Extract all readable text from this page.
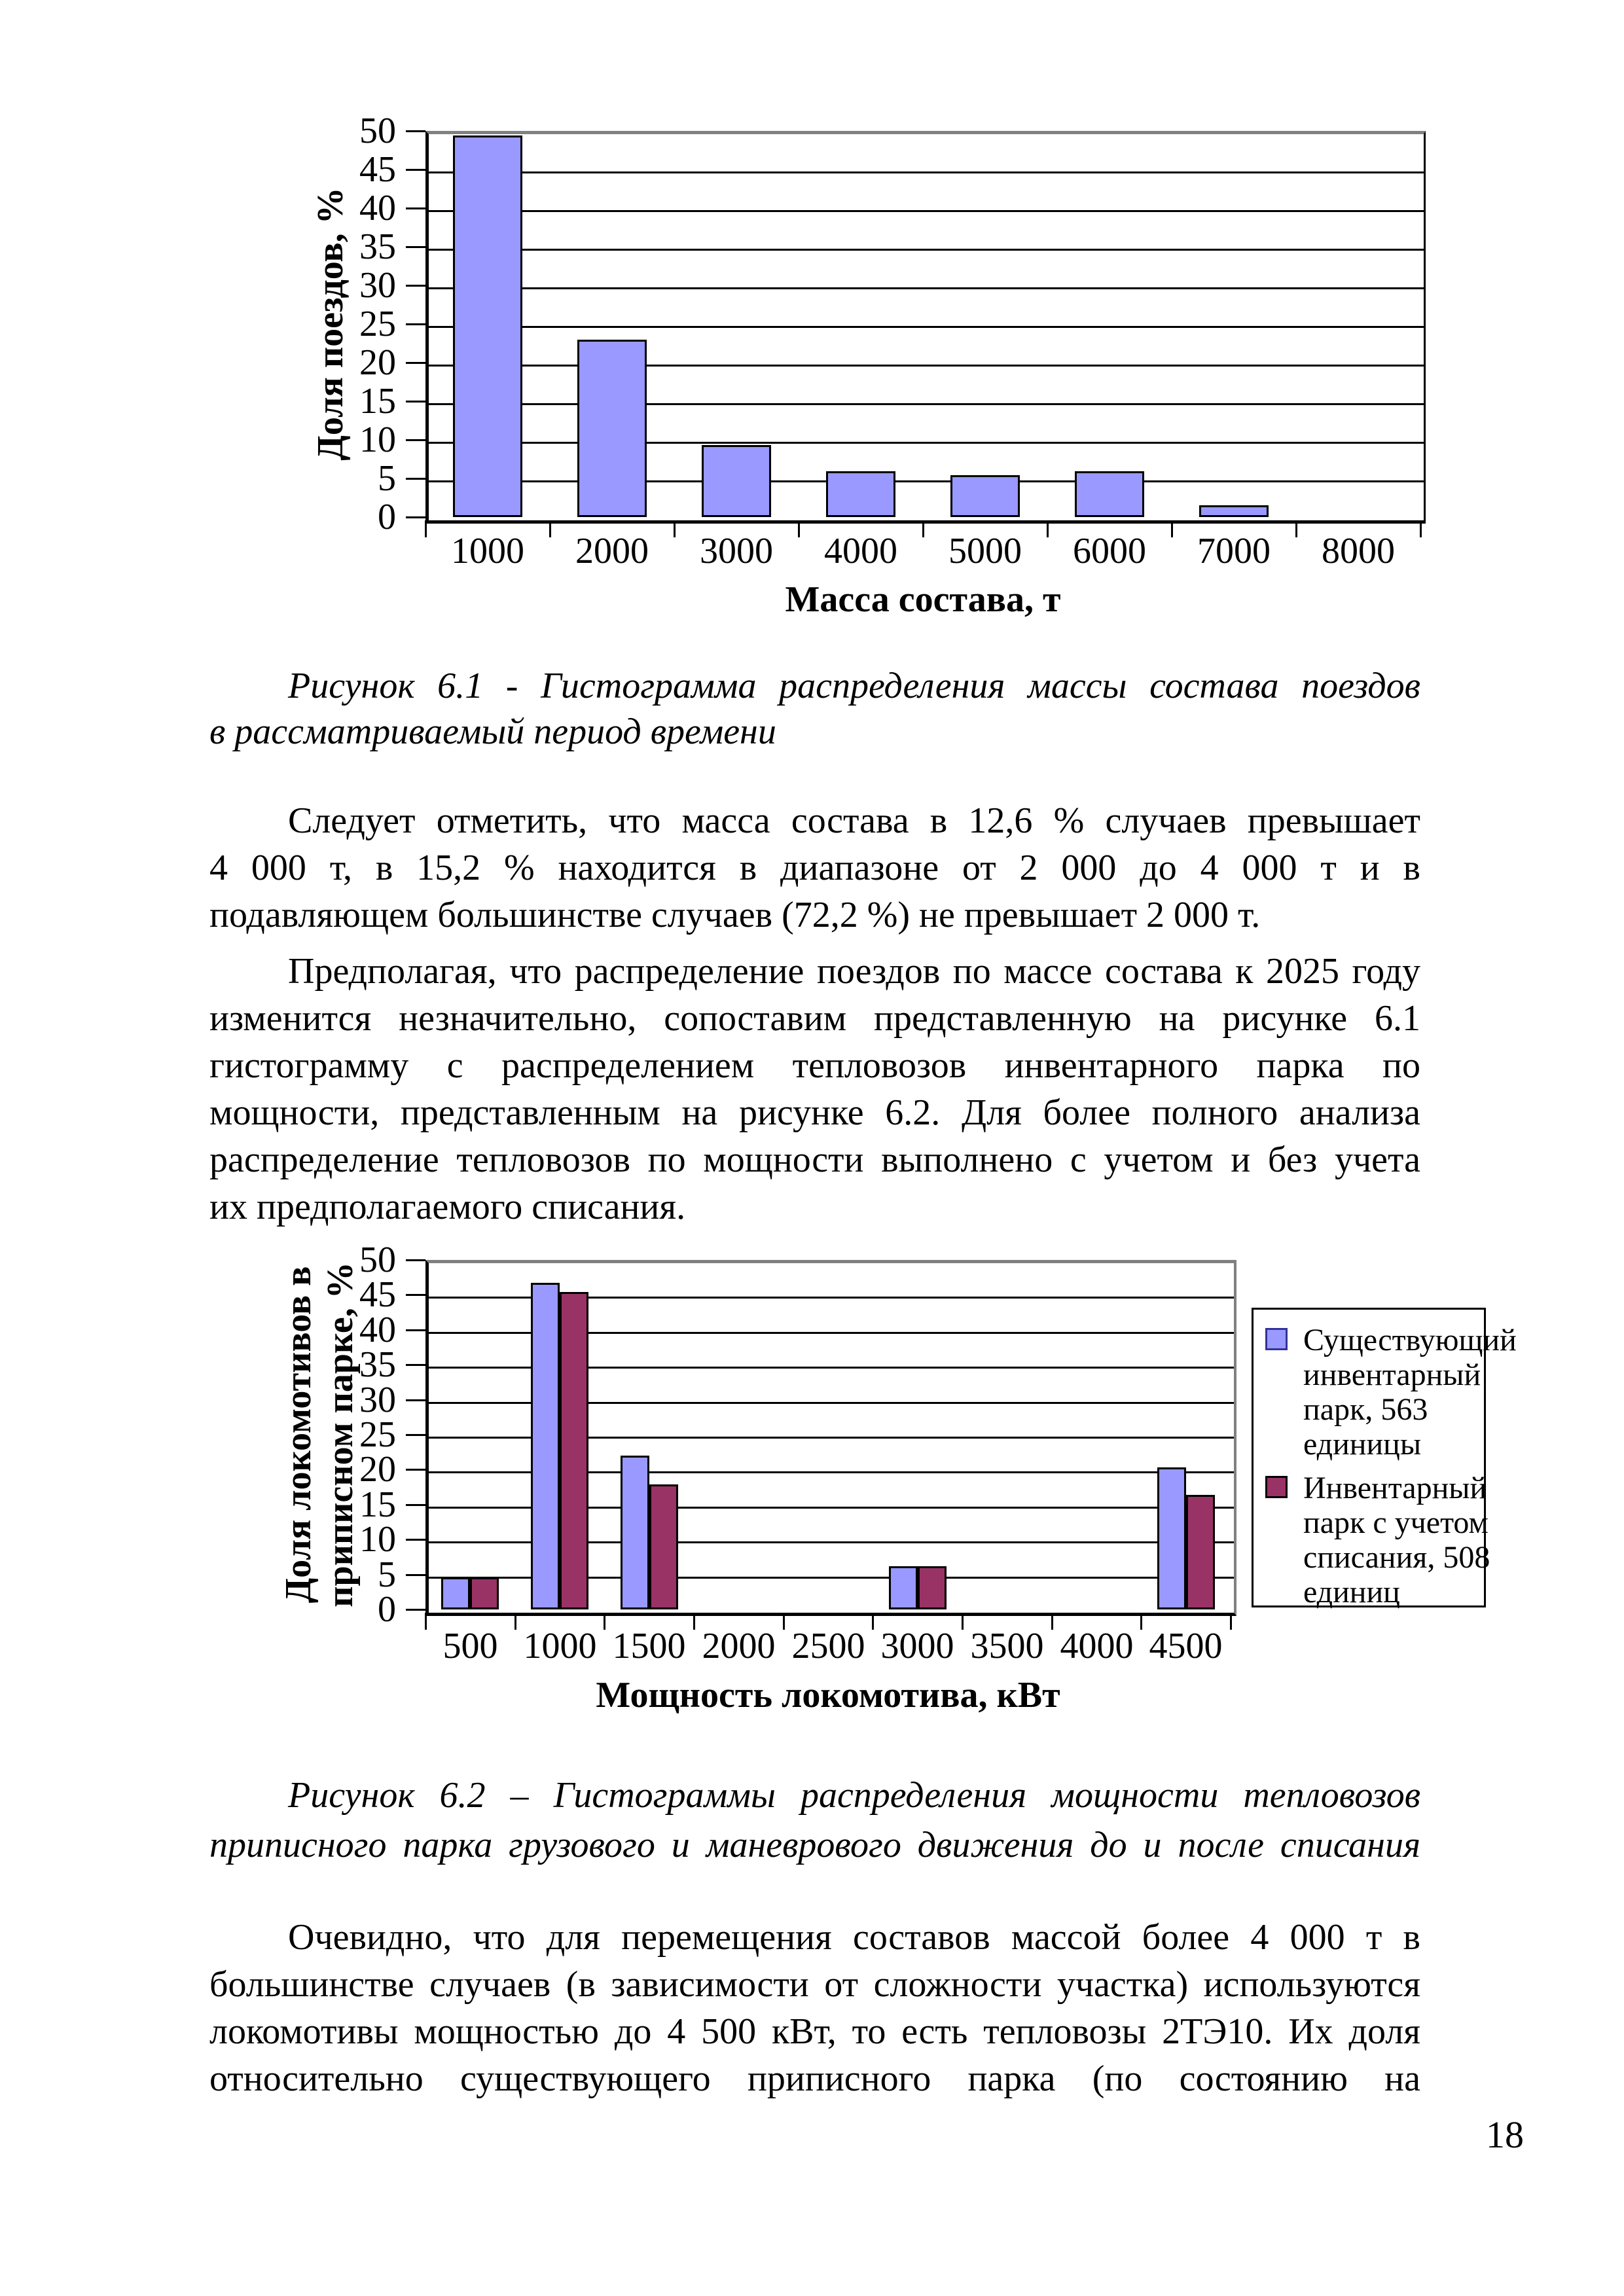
0
5
10
15
20
25
30
35
40
45
50
1000	2000	3000	4000	5000	6000	7000	8000
Масса состава, т
Доля поездов, %
Рисунок 6.1 - Гистограмма распределения массы состава поездов
в рассматриваемый период времени
Следует отметить, что масса состава в 12,6 % случаев превышает
4 000 т, в 15,2 % находится в диапазоне от 2 000 до 4 000 т и в
подавляющем большинстве случаев (72,2 %) не превышает 2 000 т.
Предполагая, что распределение поездов по массе состава к 2025 году
изменится незначительно, сопоставим представленную на рисунке 6.1
гистограмму с распределением тепловозов инвентарного парка по
мощности, представленным на рисунке 6.2. Для более полного анализа
распределение тепловозов по мощности выполнено с учетом и без учета
их предполагаемого списания.
0
5
10
15
20
25
30
35
40
45
50
500 1000 1500 2000 2500 3000 3500 4000 4500
Мощность локомотива, кВт
Доля локомотивов в приписном парке, %	Существующий
инвентарный
парк, 563
единицы
Инвентарный
парк с учетом
списания, 508
единиц
Рисунок 6.2 – Гистограммы распределения мощности тепловозов
приписного парка грузового и маневрового движения до и после списания
Очевидно, что для перемещения составов массой более 4 000 т в
большинстве случаев (в зависимости от сложности участка) используются
локомотивы мощностью до 4 500 кВт, то есть тепловозы 2ТЭ10. Их доля
относительно существующего приписного парка (по состоянию на
18
